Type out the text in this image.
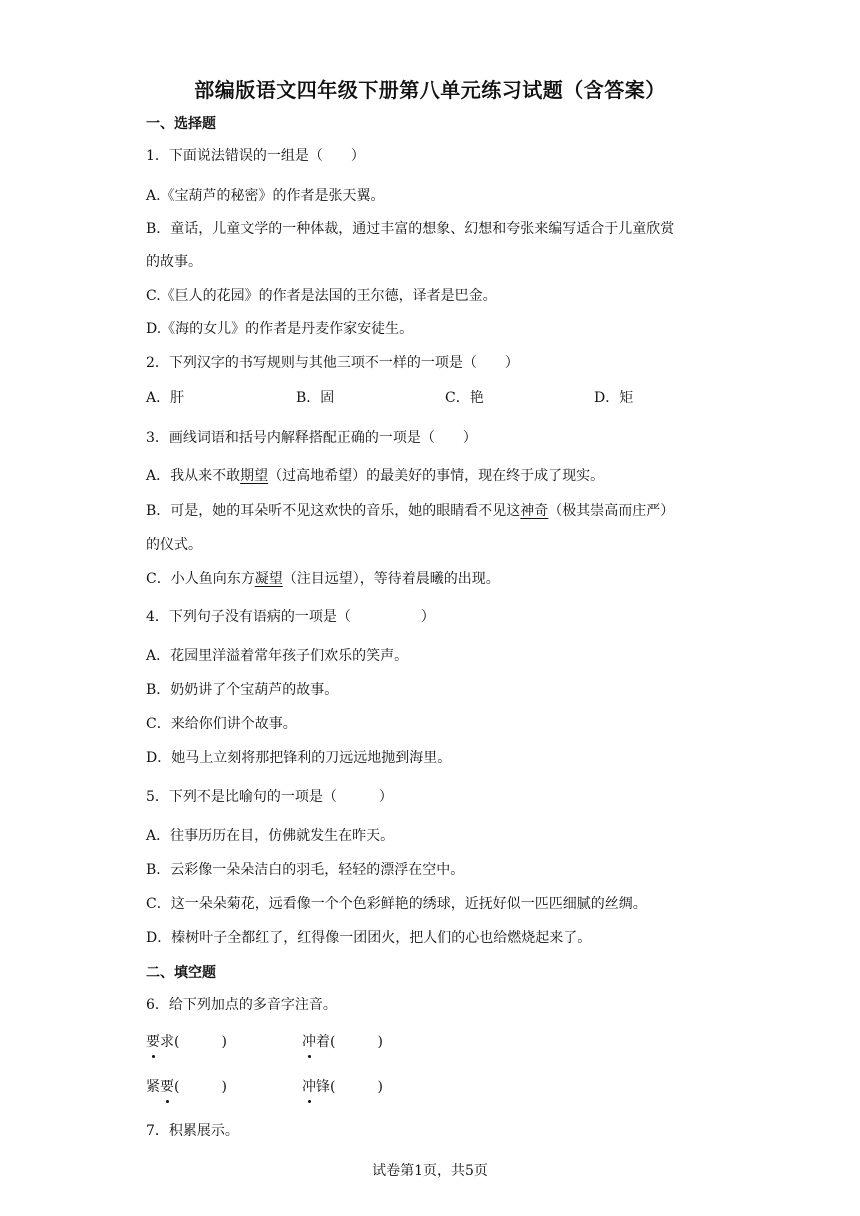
部编版语文四年级下册第八单元练习试题（含答案）
一、选择题
1．下面说法错误的一组是（　　）
A.《宝葫芦的秘密》的作者是张天翼。
B．童话，儿童文学的一种体裁，通过丰富的想象、幻想和夸张来编写适合于儿童欣赏
的故事。
C.《巨人的花园》的作者是法国的王尔德，译者是巴金。
D.《海的女儿》的作者是丹麦作家安徒生。
2．下列汉字的书写规则与其他三项不一样的一项是（　　）
A．肝	B．固	C．艳	D．矩
3．画线词语和括号内解释搭配正确的一项是（　　）
A．我从来不敢期望（过高地希望）的最美好的事情，现在终于成了现实。
B．可是，她的耳朵听不见这欢快的音乐，她的眼睛看不见这神奇（极其崇高而庄严）
的仪式。
C．小人鱼向东方凝望（注目远望），等待着晨曦的出现。
4．下列句子没有语病的一项是（　　　　　）
A．花园里洋溢着常年孩子们欢乐的笑声。
B．奶奶讲了个宝葫芦的故事。
C．来给你们讲个故事。
D．她马上立刻将那把锋利的刀远远地抛到海里。
5．下列不是比喻句的一项是（　　　）
A．往事历历在目，仿佛就发生在昨天。
B．云彩像一朵朵洁白的羽毛，轻轻的漂浮在空中。
C．这一朵朵菊花，远看像一个个色彩鲜艳的绣球，近抚好似一匹匹细腻的丝绸。
D．榛树叶子全都红了，红得像一团团火，把人们的心也给燃烧起来了。
二、填空题
6．给下列加点的多音字注音。
要求(　　　)	冲着(　　　)
紧要(　　　)	冲锋(　　　)
7．积累展示。
试卷第1页，共5页
